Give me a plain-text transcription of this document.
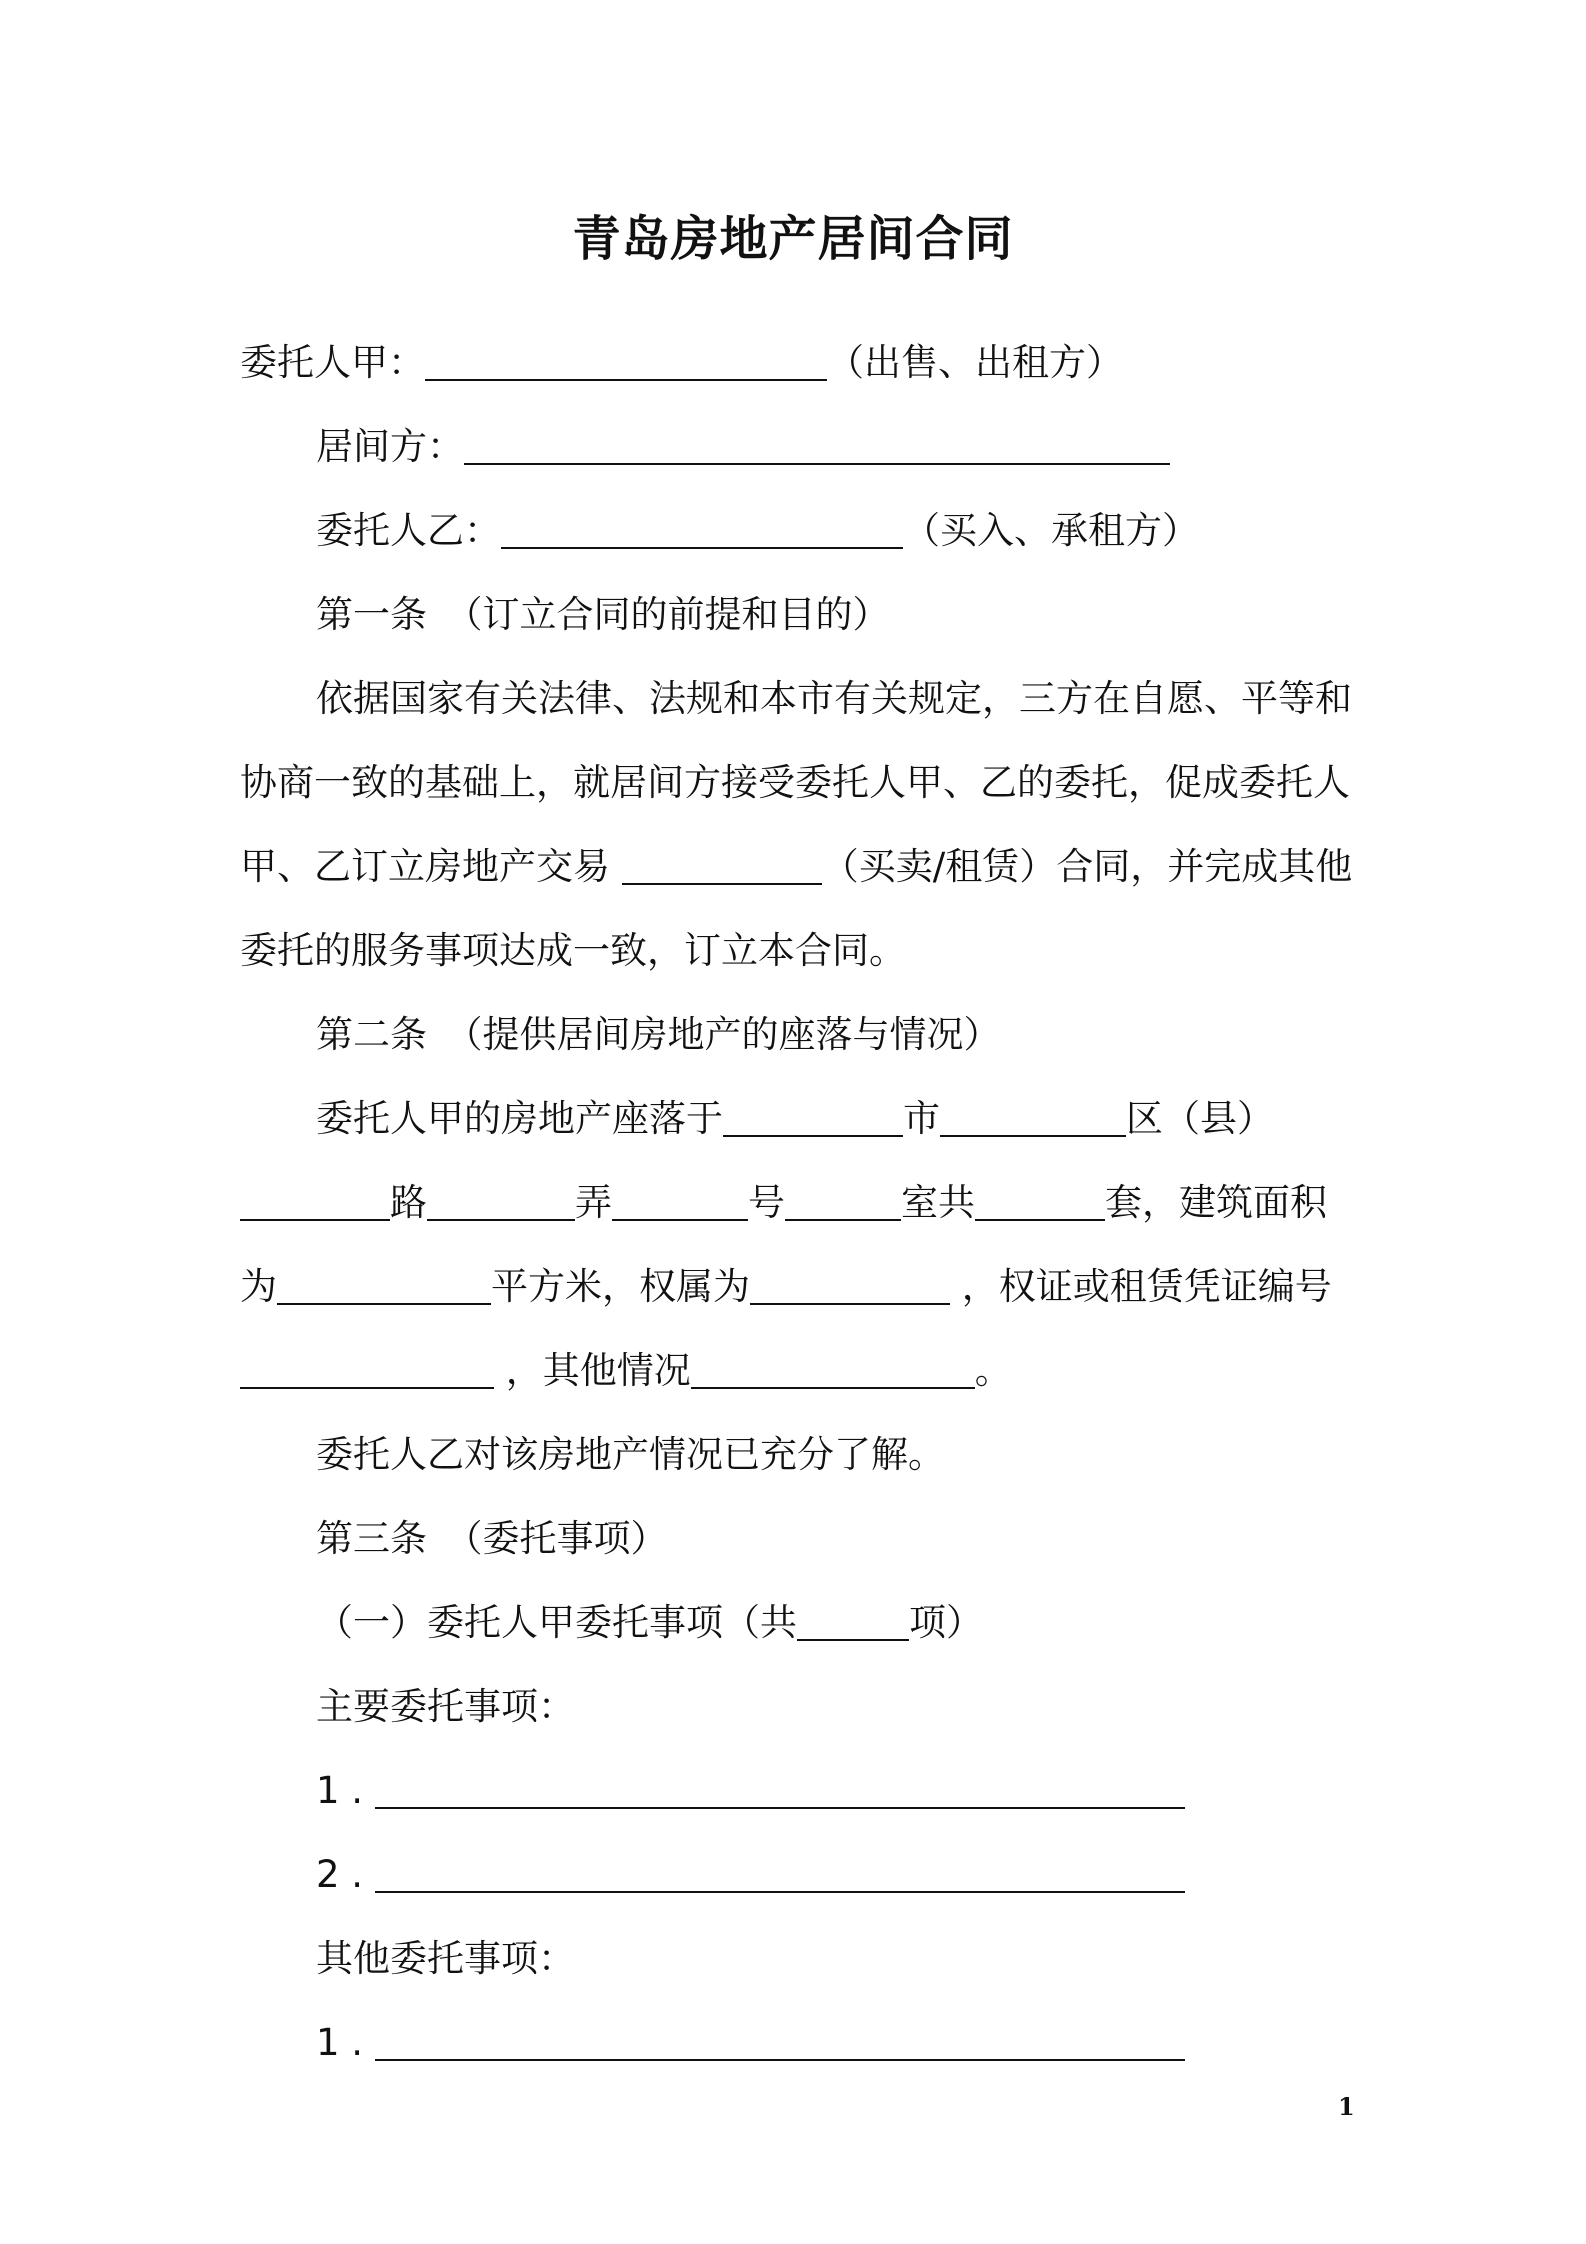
青岛房地产居间合同
委托人甲：	（出售、出租方）
居间方：
委托人乙：	（买入、承租方）
第一条　（订立合同的前提和目的）
依据国家有关法律、法规和本市有关规定，三方在自愿、平等和
协商一致的基础上，就居间方接受委托人甲、乙的委托，促成委托人
甲、乙订立房地产交易	（买卖/租赁）合同，并完成其他
委托的服务事项达成一致，订立本合同。
第二条　（提供居间房地产的座落与情况）
委托人甲的房地产座落于	市	区（县）
路	弄	号	室共	套，建筑面积
为	平方米，权属为	，权证或租赁凭证编号
，其他情况	。
委托人乙对该房地产情况已充分了解。
第三条　（委托事项）
（一）委托人甲委托事项（共	项）
主要委托事项：
1 .
2 .
其他委托事项：
1 .
1
